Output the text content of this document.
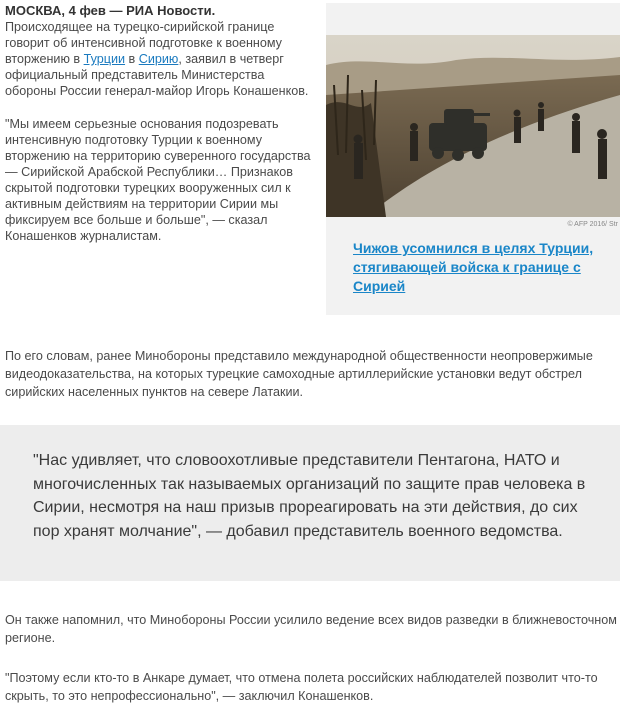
МОСКВА, 4 фев — РИА Новости.
Происходящее на турецко-сирийской границе говорит об интенсивной подготовке к военному вторжению в Турции в Сирию, заявил в четверг официальный представитель Министерства обороны России генерал-майор Игорь Конашенков.

"Мы имеем серьезные основания подозревать интенсивную подготовку Турции к военному вторжению на территорию суверенного государства — Сирийской Арабской Республики… Признаков скрытой подготовки турецких вооруженных сил к активным действиям на территории Сирии мы фиксируем все больше и больше", — сказал Конашенков журналистам.

© AFP 2016/ Str
Чижов усомнился в целях Турции, стягивающей войска к границе с Сирией

По его словам, ранее Минобороны представило международной общественности неопровержимые видеодоказательства, на которых турецкие самоходные артиллерийские установки ведут обстрел сирийских населенных пунктов на севере Латакии.

"Нас удивляет, что словоохотливые представители Пентагона, НАТО и многочисленных так называемых организаций по защите прав человека в Сирии, несмотря на наш призыв прореагировать на эти действия, до сих пор хранят молчание", — добавил представитель военного ведомства.

Он также напомнил, что Минобороны России усилило ведение всех видов разведки в ближневосточном регионе.

"Поэтому если кто-то в Анкаре думает, что отмена полета российских наблюдателей позволит что-то скрыть, то это непрофессионально", — заключил Конашенков.
